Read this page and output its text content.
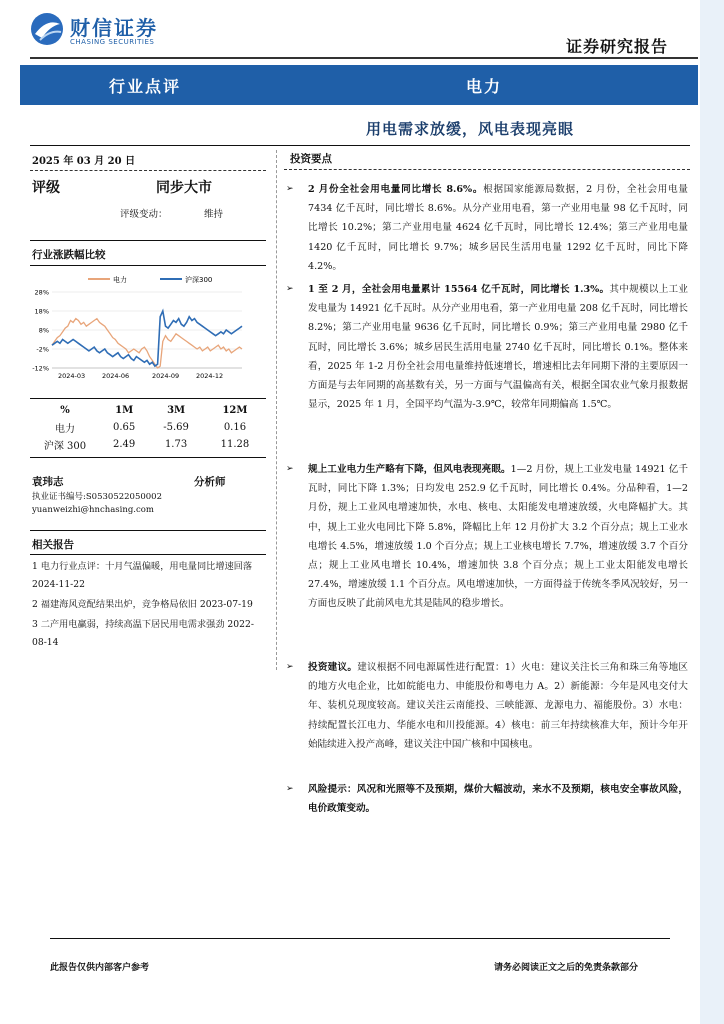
财信证券
CHASING SECURITIES	证券研究报告
行业点评	电力
用电需求放缓，风电表现亮眼
2025 年 03 月 20 日
评级	同步大市
评级变动：	维持
行业涨跌幅比较
28%
18%
8%
-2%
-12%
2024-03	2024-06	2024-09	2024-12
电力	沪深300
%	1M	3M	12M
电力	0.65	-5.69	0.16
沪深 300	2.49	1.73	11.28
袁玮志	分析师
执业证书编号:S0530522050002
yuanweizhi@hnchasing.com
相关报告
1 电力行业点评：十月气温偏暖，用电量同比增速回落 2024-11-22
2 福建海风竞配结果出炉，竞争格局依旧 2023-07-19
3 二产用电赢弱，持续高温下居民用电需求强劲 2022-08-14
投资要点
➢ 2 月份全社会用电量同比增长 8.6%。根据国家能源局数据，2 月份，全社会用电量 7434 亿千瓦时，同比增长 8.6%。从分产业用电看，第一产业用电量 98 亿千瓦时，同比增长 10.2%；第二产业用电量 4624 亿千瓦时，同比增长 12.4%；第三产业用电量 1420 亿千瓦时，同比增长 9.7%；城乡居民生活用电量 1292 亿千瓦时，同比下降 4.2%。
➢ 1 至 2 月，全社会用电量累计 15564 亿千瓦时，同比增长 1.3%。其中规模以上工业发电量为 14921 亿千瓦时。从分产业用电看，第一产业用电量 208 亿千瓦时，同比增长 8.2%；第二产业用电量 9636 亿千瓦时，同比增长 0.9%；第三产业用电量 2980 亿千瓦时，同比增长 3.6%；城乡居民生活用电量 2740 亿千瓦时，同比增长 0.1%。整体来看，2025 年 1-2 月份全社会用电量维持低速增长，增速相比去年同期下滑的主要原因一方面是与去年同期的高基数有关，另一方面与气温偏高有关，根据全国农业气象月报数据显示，2025 年 1 月，全国平均气温为-3.9℃，较常年同期偏高 1.5℃。
➢ 规上工业电力生产略有下降，但风电表现亮眼。1—2 月份，规上工业发电量 14921 亿千瓦时，同比下降 1.3%；日均发电 252.9 亿千瓦时，同比增长 0.4%。分品种看，1—2 月份，规上工业风电增速加快，水电、核电、太阳能发电增速放缓，火电降幅扩大。其中，规上工业火电同比下降 5.8%，降幅比上年 12 月份扩大 3.2 个百分点；规上工业水电增长 4.5%，增速放缓 1.0 个百分点；规上工业核电增长 7.7%，增速放缓 3.7 个百分点；规上工业风电增长 10.4%，增速加快 3.8 个百分点；规上工业太阳能发电增长 27.4%，增速放缓 1.1 个百分点。风电增速加快，一方面得益于传统冬季风况较好，另一方面也反映了此前风电尤其是陆风的稳步增长。
➢ 投资建议。建议根据不同电源属性进行配置：1）火电：建议关注长三角和珠三角等地区的地方火电企业，比如皖能电力、申能股份和粤电力 A。2）新能源：今年是风电交付大年、装机兑现度较高。建议关注云南能投、三峡能源、龙源电力、福能股份。3）水电：持续配置长江电力、华能水电和川投能源。4）核电：前三年持续核准大年，预计今年开始陆续进入投产高峰，建议关注中国广核和中国核电。
➢ 风险提示：风况和光照等不及预期，煤价大幅波动，来水不及预期，核电安全事故风险，电价政策变动。
此报告仅供内部客户参考	请务必阅读正文之后的免责条款部分
